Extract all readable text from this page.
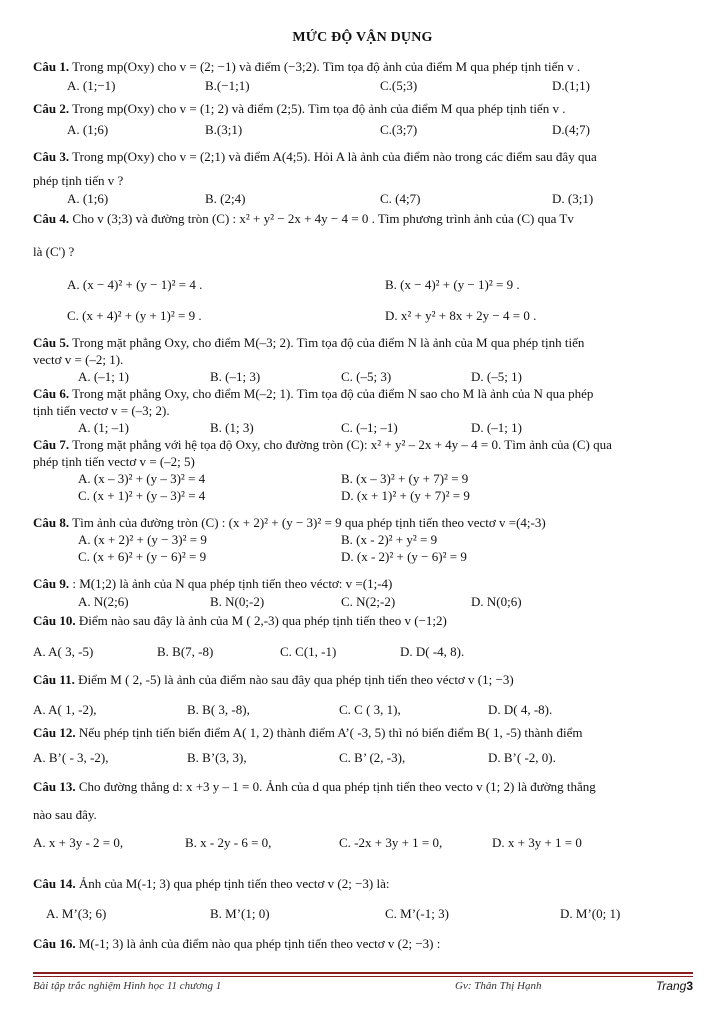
MỨC ĐỘ VẬN DỤNG
Câu 1. Trong mp(Oxy) cho v = (2; −1) và điểm (−3;2). Tìm tọa độ ảnh của điểm M qua phép tịnh tiến v .
A. (1;−1)	B.(−1;1)	C.(5;3)	D.(1;1)
Câu 2. Trong mp(Oxy) cho v = (1; 2) và điểm (2;5). Tìm tọa độ ảnh của điểm M qua phép tịnh tiến v .
A. (1;6)	B.(3;1)	C.(3;7)	D.(4;7)
Câu 3. Trong mp(Oxy) cho v = (2;1) và điểm A(4;5). Hỏi A là ảnh của điểm nào trong các điểm sau đây qua
phép tịnh tiến v ?
A. (1;6)	B. (2;4)	C. (4;7)	D. (3;1)
Câu 4. Cho v (3;3) và đường tròn (C) : x² + y² − 2x + 4y − 4 = 0 . Tìm phương trình ảnh của (C) qua Tv
là (C') ?
A. (x − 4)² + (y − 1)² = 4 .	B. (x − 4)² + (y − 1)² = 9 .
C. (x + 4)² + (y + 1)² = 9 .	D. x² + y² + 8x + 2y − 4 = 0 .
Câu 5. Trong mặt phẳng Oxy, cho điểm M(–3; 2). Tìm tọa độ của điểm N là ảnh của M qua phép tịnh tiến
vectơ v = (–2; 1).
A. (–1; 1)	B. (–1; 3)	C. (–5; 3)	D. (–5; 1)
Câu 6. Trong mặt phẳng Oxy, cho điểm M(–2; 1). Tìm tọa độ của điểm N sao cho M là ảnh của N qua phép
tịnh tiến vectơ v = (–3; 2).
A. (1; –1)	B. (1; 3)	C. (–1; –1)	D. (–1; 1)
Câu 7. Trong mặt phẳng với hệ tọa độ Oxy, cho đường tròn (C): x² + y² – 2x + 4y – 4 = 0. Tìm ảnh của (C) qua
phép tịnh tiến vectơ v = (–2; 5)
A. (x – 3)² + (y – 3)² = 4	B. (x – 3)² + (y + 7)² = 9
C. (x + 1)² + (y – 3)² = 4	D. (x + 1)² + (y + 7)² = 9
Câu 8. Tìm ảnh của đường tròn (C) : (x + 2)² + (y − 3)² = 9 qua phép tịnh tiến theo vectơ v =(4;-3)
A. (x + 2)² + (y − 3)² = 9	B. (x - 2)² + y² = 9
C. (x + 6)² + (y − 6)² = 9	D. (x - 2)² + (y − 6)² = 9
Câu 9. : M(1;2) là ảnh của N qua phép tịnh tiến theo véctơ: v =(1;-4)
A. N(2;6)	B. N(0;-2)	C. N(2;-2)	D. N(0;6)
Câu 10. Điểm nào sau đây là ảnh của M ( 2,-3) qua phép tịnh tiến theo v (−1;2)
A. A( 3, -5)	B. B(7, -8)	C. C(1, -1)	D. D( -4, 8).
Câu 11. Điểm M ( 2, -5) là ảnh của điểm nào sau đây qua phép tịnh tiến theo véctơ v (1; −3)
A. A( 1, -2),	B. B( 3, -8),	C. C ( 3, 1),	D. D( 4, -8).
Câu 12. Nếu phép tịnh tiến biến điểm A( 1, 2) thành điểm A’( -3, 5) thì nó biến điểm B( 1, -5) thành điểm
A. B’( - 3, -2),	B. B’(3, 3),	C. B’ (2, -3),	D. B’( -2, 0).
Câu 13. Cho đường thẳng d: x +3 y – 1 = 0. Ảnh của d qua phép tịnh tiến theo vecto v (1; 2) là đường thẳng
nào sau đây.
A. x + 3y - 2 = 0,	B. x - 2y - 6 = 0,	C. -2x + 3y + 1 = 0,	D. x + 3y + 1 = 0
Câu 14. Ảnh của M(-1; 3) qua phép tịnh tiến theo vectơ v (2; −3) là:
A. M’(3; 6)	B. M’(1; 0)	C. M’(-1; 3)	D. M’(0; 1)
Câu 16. M(-1; 3) là ảnh của điểm nào qua phép tịnh tiến theo vectơ v (2; −3) :
Bài tập trắc nghiệm Hình học 11 chương 1	Gv: Thân Thị Hạnh	Trang3
